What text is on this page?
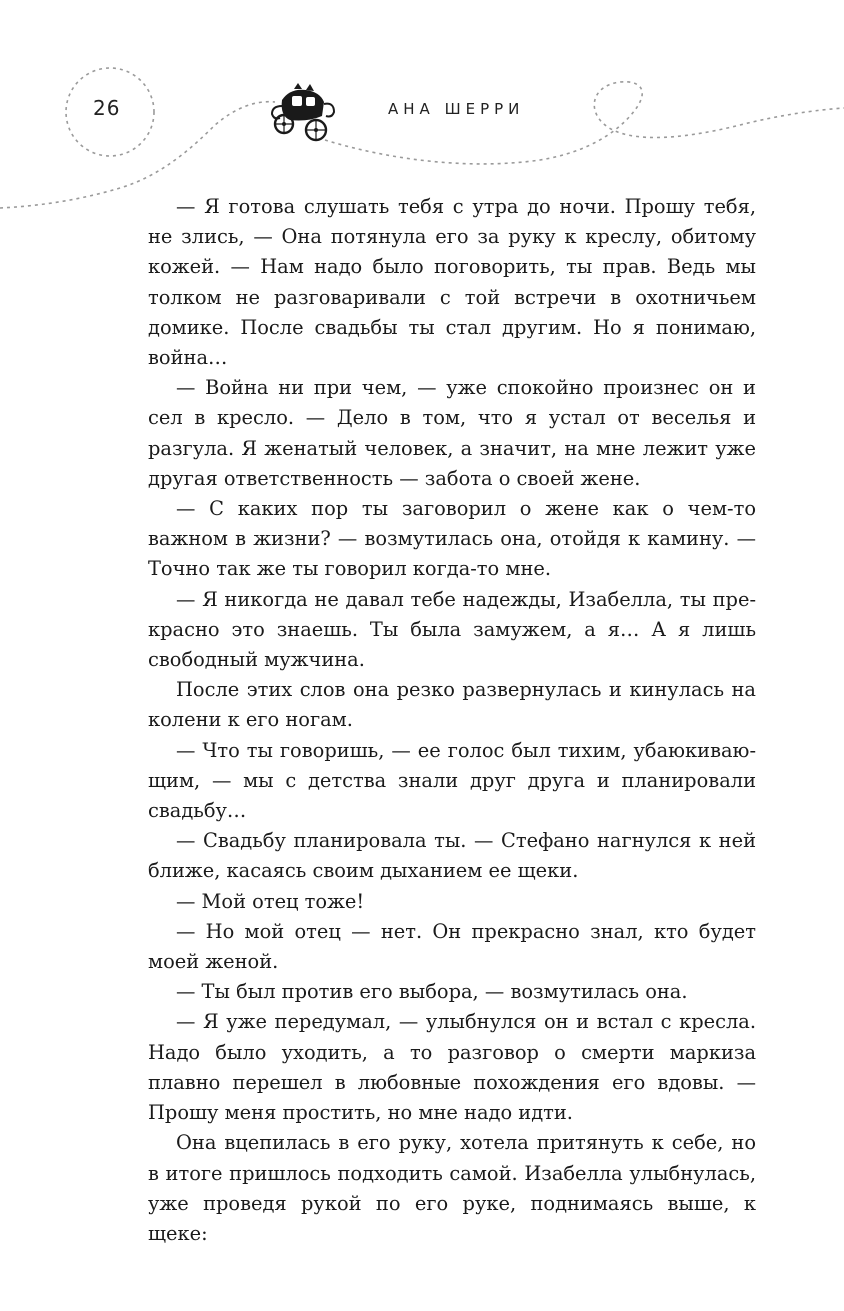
26	АНА ШЕРРИ

— Я готова слушать тебя с утра до ночи. Прошу тебя, не злись, — Она потянула его за руку к креслу, обитому кожей. — Нам надо было поговорить, ты прав. Ведь мы толком не разговаривали с той встречи в охотничьем домике. После свадьбы ты стал другим. Но я понимаю, война…

— Война ни при чем, — уже спокойно произнес он и сел в кресло. — Дело в том, что я устал от веселья и разгула. Я женатый человек, а значит, на мне лежит уже другая ответственность — забота о своей жене.

— С каких пор ты заговорил о жене как о чем-то важном в жизни? — возмутилась она, отойдя к камину. — Точно так же ты говорил когда-то мне.

— Я никогда не давал тебе надежды, Изабелла, ты прекрасно это знаешь. Ты была замужем, а я… А я лишь свободный мужчина.

После этих слов она резко развернулась и кинулась на колени к его ногам.

— Что ты говоришь, — ее голос был тихим, убаюкивающим, — мы с детства знали друг друга и планировали свадьбу…

— Свадьбу планировала ты. — Стефано нагнулся к ней ближе, касаясь своим дыханием ее щеки.

— Мой отец тоже!

— Но мой отец — нет. Он прекрасно знал, кто будет моей женой.

— Ты был против его выбора, — возмутилась она.

— Я уже передумал, — улыбнулся он и встал с кресла. Надо было уходить, а то разговор о смерти маркиза плавно перешел в любовные похождения его вдовы. — Прошу меня простить, но мне надо идти.

Она вцепилась в его руку, хотела притянуть к себе, но в итоге пришлось подходить самой. Изабелла улыбнулась, уже проведя рукой по его руке, поднимаясь выше, к щеке:
